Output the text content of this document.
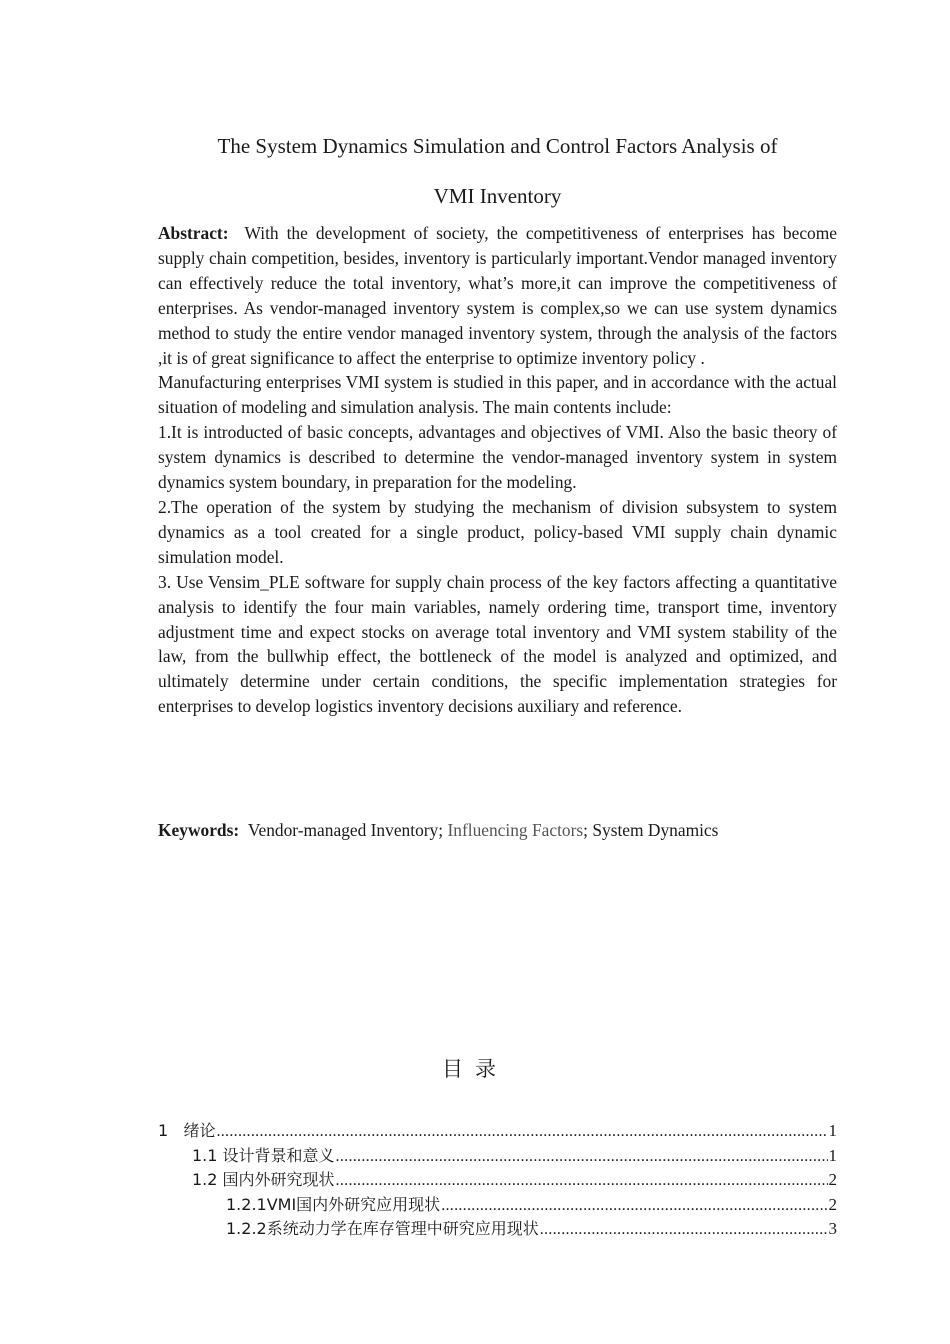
The System Dynamics Simulation and Control Factors Analysis of
VMI Inventory

Abstract: With the development of society, the competitiveness of enterprises has become supply chain competition, besides, inventory is particularly important.Vendor managed inventory can effectively reduce the total inventory, what’s more,it can improve the competitiveness of enterprises. As vendor-managed inventory system is complex,so we can use system dynamics method to study the entire vendor managed inventory system, through the analysis of the factors ,it is of great significance to affect the enterprise to optimize inventory policy .

Manufacturing enterprises VMI system is studied in this paper, and in accordance with the actual situation of modeling and simulation analysis. The main contents include:

1.It is introducted of basic concepts, advantages and objectives of VMI. Also the basic theory of system dynamics is described to determine the vendor-managed inventory system in system dynamics system boundary, in preparation for the modeling.

2.The operation of the system by studying the mechanism of division subsystem to system dynamics as a tool created for a single product, policy-based VMI supply chain dynamic simulation model.

3. Use Vensim_PLE software for supply chain process of the key factors affecting a quantitative analysis to identify the four main variables, namely ordering time, transport time, inventory adjustment time and expect stocks on average total inventory and VMI system stability of the law, from the bullwhip effect, the bottleneck of the model is analyzed and optimized, and ultimately determine under certain conditions, the specific implementation strategies for enterprises to develop logistics inventory decisions auxiliary and reference.

Keywords: Vendor-managed Inventory; Influencing Factors; System Dynamics
目录
1   绪论 .....	1
1.1 设计背景和意义 .....	1
1.2 国内外研究现状 .....	2
1.2.1VMI国内外研究应用现状 .....	2
1.2.2系统动力学在库存管理中研究应用现状 .....	3
